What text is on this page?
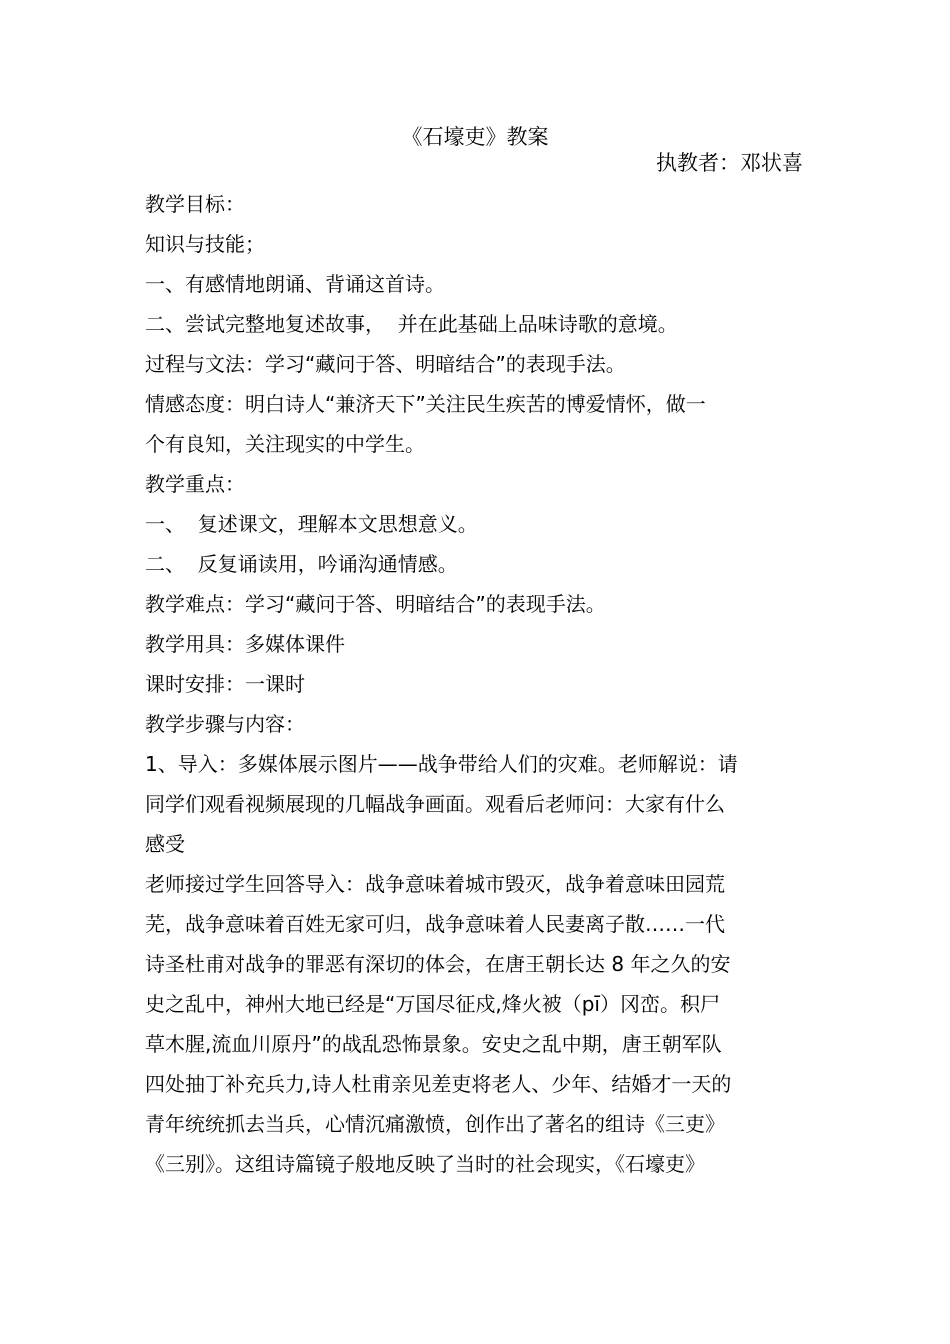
《石壕吏》教案
执教者：邓状喜
教学目标：
知识与技能；
一、有感情地朗诵、背诵这首诗。
二、尝试完整地复述故事，  并在此基础上品味诗歌的意境。
过程与文法：学习“藏问于答、明暗结合”的表现手法。
情感态度：明白诗人“兼济天下”关注民生疾苦的博爱情怀，做一
个有良知，关注现实的中学生。
教学重点：
一、  复述课文，理解本文思想意义。
二、  反复诵读用，吟诵沟通情感。
教学难点：学习“藏问于答、明暗结合”的表现手法。
教学用具：多媒体课件
课时安排：一课时
教学步骤与内容：
1、导入：多媒体展示图片——战争带给人们的灾难。老师解说：请
同学们观看视频展现的几幅战争画面。观看后老师问：大家有什么
感受
老师接过学生回答导入：战争意味着城市毁灭，战争着意味田园荒
芜，战争意味着百姓无家可归，战争意味着人民妻离子散……一代
诗圣杜甫对战争的罪恶有深切的体会，在唐王朝长达 8 年之久的安
史之乱中，神州大地已经是“万国尽征戍,烽火被（pī）冈峦。积尸
草木腥,流血川原丹”的战乱恐怖景象。安史之乱中期，唐王朝军队
四处抽丁补充兵力,诗人杜甫亲见差吏将老人、少年、结婚才一天的
青年统统抓去当兵，心情沉痛激愤，创作出了著名的组诗《三吏》
《三别》。这组诗篇镜子般地反映了当时的社会现实，《石壕吏》
